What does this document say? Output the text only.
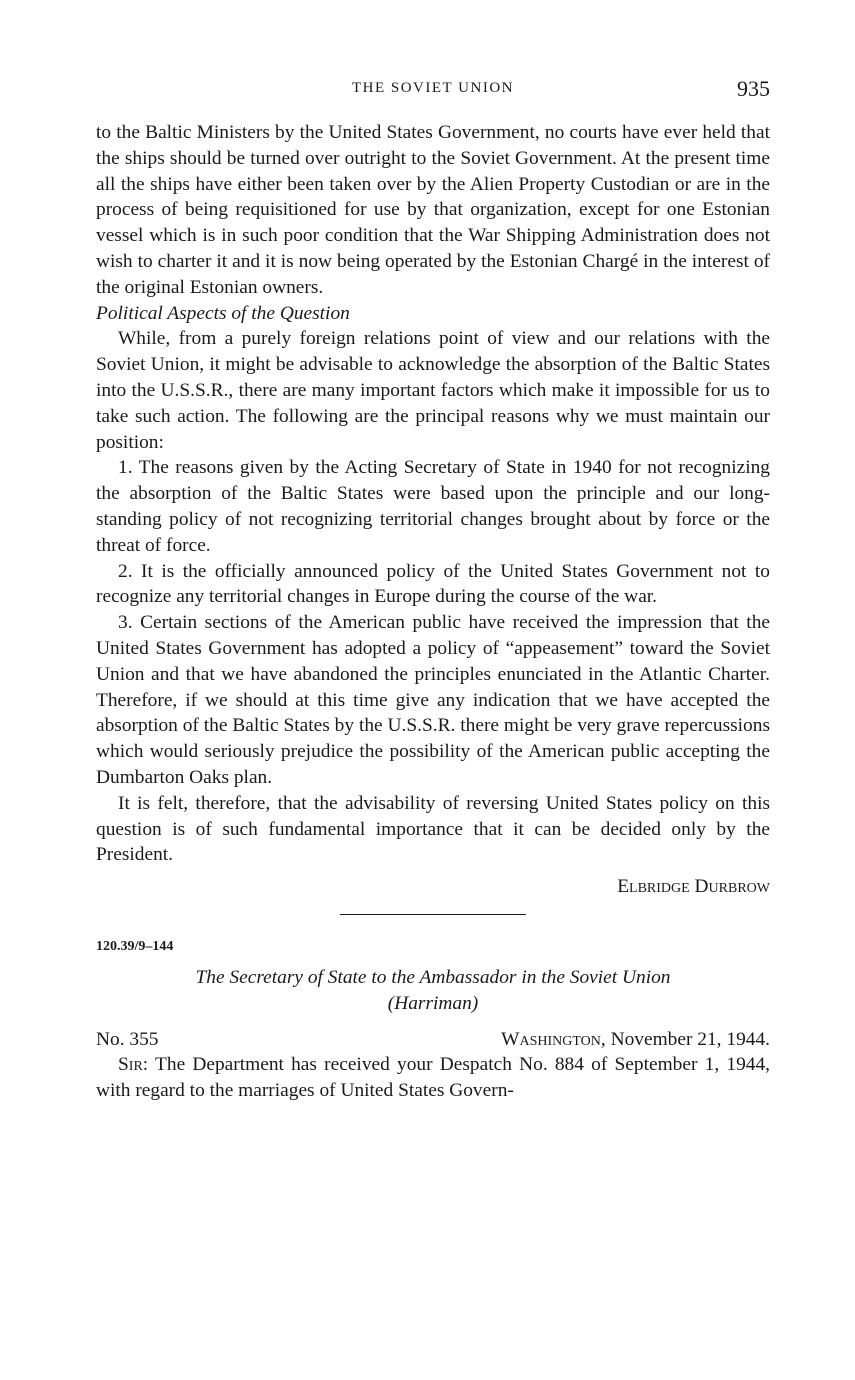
THE SOVIET UNION	935

to the Baltic Ministers by the United States Government, no courts have ever held that the ships should be turned over outright to the Soviet Government. At the present time all the ships have either been taken over by the Alien Property Custodian or are in the process of being requisitioned for use by that organization, except for one Estonian vessel which is in such poor condition that the War Shipping Administration does not wish to charter it and it is now being operated by the Estonian Chargé in the interest of the original Estonian owners.

Political Aspects of the Question

While, from a purely foreign relations point of view and our relations with the Soviet Union, it might be advisable to acknowledge the absorption of the Baltic States into the U.S.S.R., there are many important factors which make it impossible for us to take such action. The following are the principal reasons why we must maintain our position:

1. The reasons given by the Acting Secretary of State in 1940 for not recognizing the absorption of the Baltic States were based upon the principle and our long-standing policy of not recognizing territorial changes brought about by force or the threat of force.

2. It is the officially announced policy of the United States Government not to recognize any territorial changes in Europe during the course of the war.

3. Certain sections of the American public have received the impression that the United States Government has adopted a policy of “appeasement” toward the Soviet Union and that we have abandoned the principles enunciated in the Atlantic Charter. Therefore, if we should at this time give any indication that we have accepted the absorption of the Baltic States by the U.S.S.R. there might be very grave repercussions which would seriously prejudice the possibility of the American public accepting the Dumbarton Oaks plan.

It is felt, therefore, that the advisability of reversing United States policy on this question is of such fundamental importance that it can be decided only by the President.

Elbridge Durbrow

120.39/9–144

The Secretary of State to the Ambassador in the Soviet Union

(Harriman)

No. 355	Washington, November 21, 1944.

Sir: The Department has received your Despatch No. 884 of September 1, 1944, with regard to the marriages of United States Govern-
